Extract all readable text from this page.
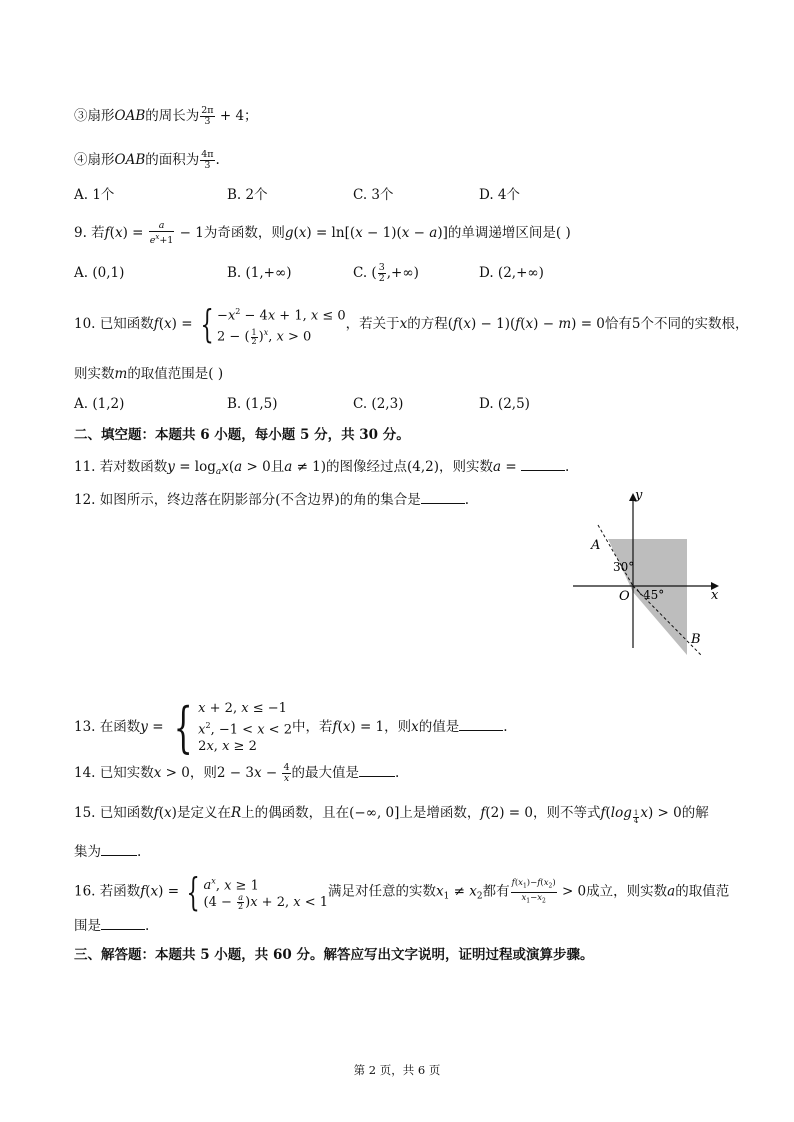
③扇形OAB的周长为 $\frac{2\pi}{3} + 4$；
④扇形OAB的面积为 $\frac{4\pi}{3}$ .
A. 1个	B. 2个	C. 3个	D. 4个
9. 若$f(x) = \frac{a}{e^x+1} - 1$为奇函数，则g(x) = ln[(x − 1)(x − a)]的单调递增区间是( )
A. (0,1)	B. (1,+∞)	C. ( $\frac{3}{2}$ ,+∞)	D. (2,+∞)
10. 已知函数f(x) = { $-x^2 - 4x + 1$, x ≤ 0
2 − ( $\frac{1}{2} )^x$, x > 0
，若关于x的方程(f(x) − 1)(f(x) − m) = 0恰有5个不同的实数根，
则实数m的取值范围是( )
A. (1,2)	B. (1,5)	C. (2,3)	D. (2,5)
二、填空题：本题共 6 小题，每小题 5 分，共 30 分。
11. 若对数函数$y = \log_ax(a > 0$且a ≠ 1)的图像经过点(4,2)，则实数a =	.
12. 如图所示，终边落在阴影部分(不含边界)的角的集合是	.	y
x
A
B
O
30°
45°
13. 在函数y = { x + 2, x ≤ −1
$x^2$, −1 < x < 2
2x, x ≥ 2
中，若f(x) = 1，则x的值是	.
14. 已知实数x > 0，则$2 - 3x - \frac{4}{x}$ 的最大值是	.
15. 已知函数f(x)是定义在R上的偶函数，且在(−∞, 0]上是增函数，f(2) = 0，则不等式$f(\log \frac{1}{4} x) > 0$的解
集为	.
16. 若函数f(x) = { $a^x$, x ≥ 1
$(4 - \frac{a}{2} )x + 2$, x < 1
满足对任意的实数$x_1 \ne x_2$都有 $\frac{f(x_1)-f(x_2)}{x_1-x_2} > 0$成立，则实数a的取值范
围是	.
三、解答题：本题共 5 小题，共 60 分。解答应写出文字说明，证明过程或演算步骤。
第 2 页，共 6 页
